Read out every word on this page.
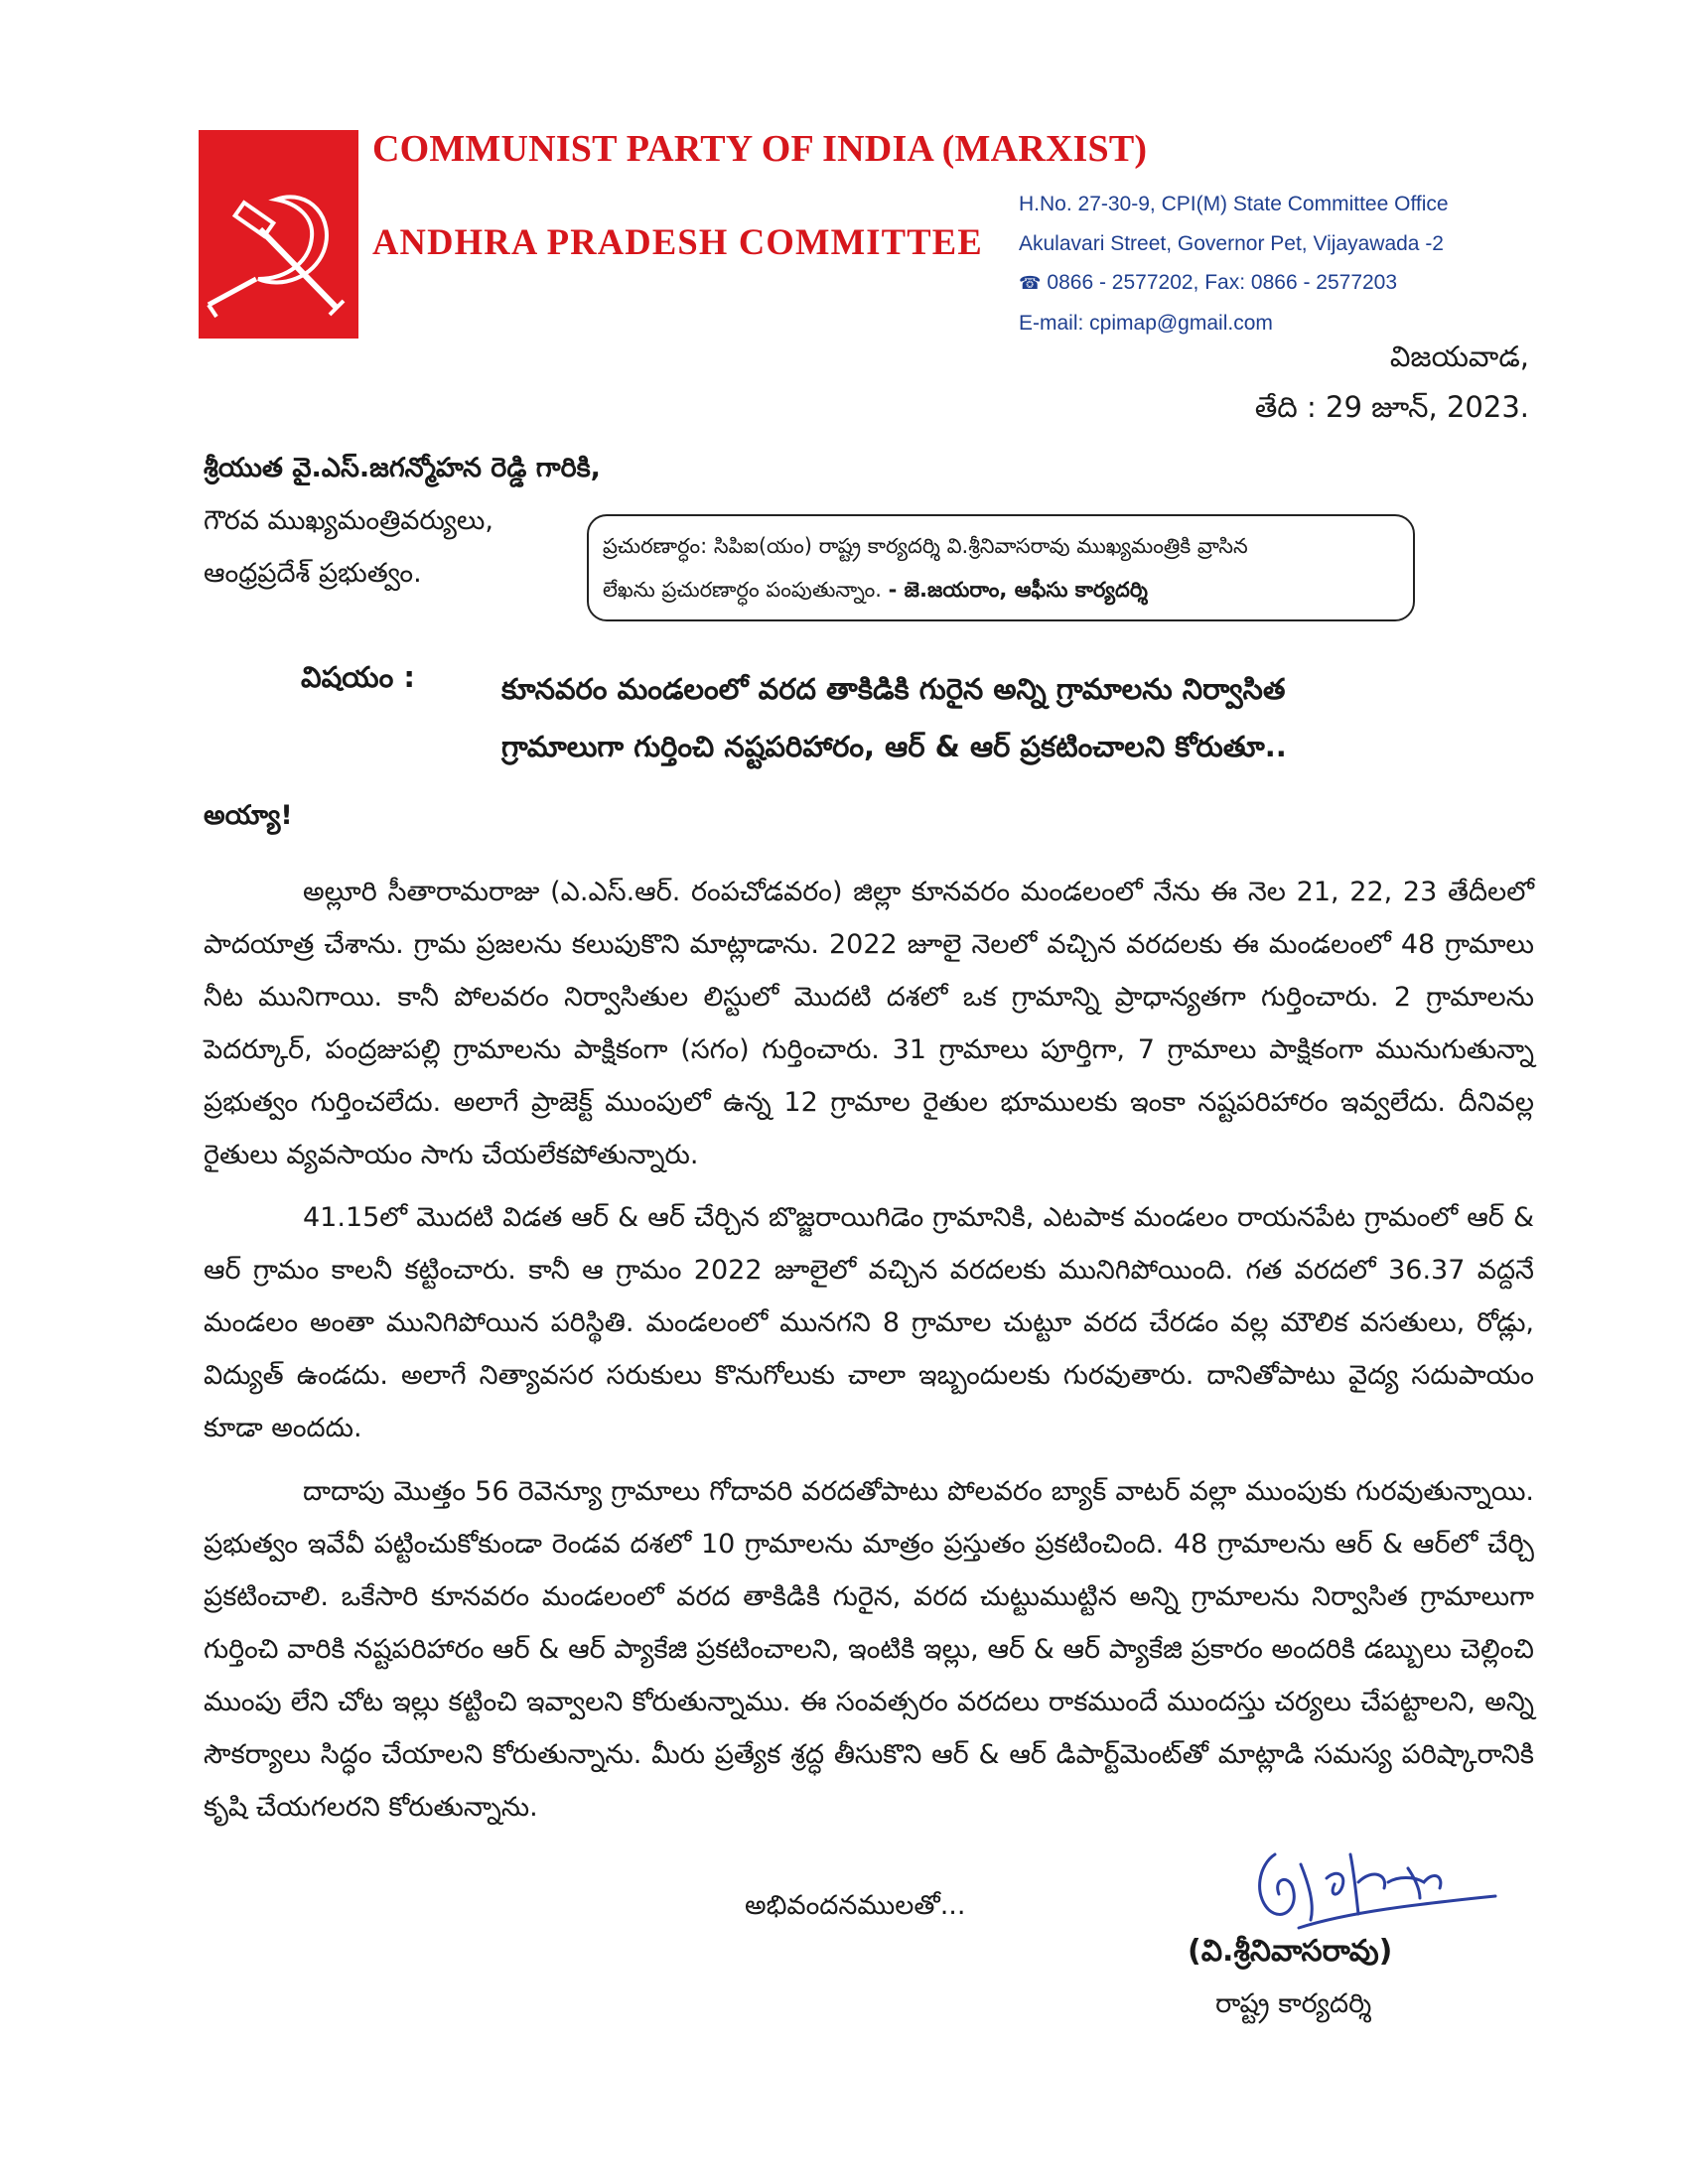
COMMUNIST PARTY OF INDIA (MARXIST)
ANDHRA PRADESH COMMITTEE
H.No. 27-30-9, CPI(M) State Committee Office
Akulavari Street, Governor Pet, Vijayawada -2
☎ 0866 - 2577202, Fax: 0866 - 2577203
E-mail: cpimap@gmail.com
విజయవాడ,
తేది : 29 జూన్, 2023.
శ్రీయుత వై.ఎస్.జగన్మోహన రెడ్డి గారికి,
గౌరవ ముఖ్యమంత్రివర్యులు,
ఆంధ్రప్రదేశ్ ప్రభుత్వం.
ప్రచురణార్ధం: సిపిఐ(యం) రాష్ట్ర కార్యదర్శి వి.శ్రీనివాసరావు ముఖ్యమంత్రికి వ్రాసిన
లేఖను ప్రచురణార్ధం పంపుతున్నాం. - జె.జయరాం, ఆఫీసు కార్యదర్శి
విషయం :	కూనవరం మండలంలో వరద తాకిడికి గురైన అన్ని గ్రామాలను నిర్వాసిత
గ్రామాలుగా గుర్తించి నష్టపరిహారం, ఆర్ & ఆర్ ప్రకటించాలని కోరుతూ..
అయ్యా!

అల్లూరి సీతారామరాజు (ఎ.ఎస్.ఆర్. రంపచోడవరం) జిల్లా కూనవరం మండలంలో నేను ఈ నెల 21, 22, 23 తేదీలలో పాదయాత్ర చేశాను. గ్రామ ప్రజలను కలుపుకొని మాట్లాడాను. 2022 జూలై నెలలో వచ్చిన వరదలకు ఈ మండలంలో 48 గ్రామాలు నీట మునిగాయి. కానీ పోలవరం నిర్వాసితుల లిస్టులో మొదటి దశలో ఒక గ్రామాన్ని ప్రాధాన్యతగా గుర్తించారు. 2 గ్రామాలను పెదర్కూర్, పంద్రజుపల్లి గ్రామాలను పాక్షికంగా (సగం) గుర్తించారు. 31 గ్రామాలు పూర్తిగా, 7 గ్రామాలు పాక్షికంగా మునుగుతున్నా ప్రభుత్వం గుర్తించలేదు. అలాగే ప్రాజెక్ట్ ముంపులో ఉన్న 12 గ్రామాల రైతుల భూములకు ఇంకా నష్టపరిహారం ఇవ్వలేదు. దీనివల్ల రైతులు వ్యవసాయం సాగు చేయలేకపోతున్నారు.

41.15లో మొదటి విడత ఆర్ & ఆర్ చేర్చిన బొజ్జరాయిగిడెం గ్రామానికి, ఎటపాక మండలం రాయనపేట గ్రామంలో ఆర్ & ఆర్ గ్రామం కాలనీ కట్టించారు. కానీ ఆ గ్రామం 2022 జూలైలో వచ్చిన వరదలకు మునిగిపోయింది. గత వరదలో 36.37 వద్దనే మండలం అంతా మునిగిపోయిన పరిస్థితి. మండలంలో మునగని 8 గ్రామాల చుట్టూ వరద చేరడం వల్ల మౌలిక వసతులు, రోడ్లు, విద్యుత్ ఉండదు. అలాగే నిత్యావసర సరుకులు కొనుగోలుకు చాలా ఇబ్బందులకు గురవుతారు. దానితోపాటు వైద్య సదుపాయం కూడా అందదు.

దాదాపు మొత్తం 56 రెవెన్యూ గ్రామాలు గోదావరి వరదతోపాటు పోలవరం బ్యాక్ వాటర్ వల్లా ముంపుకు గురవుతున్నాయి. ప్రభుత్వం ఇవేవీ పట్టించుకోకుండా రెండవ దశలో 10 గ్రామాలను మాత్రం ప్రస్తుతం ప్రకటించింది. 48 గ్రామాలను ఆర్ & ఆర్‌లో చేర్చి ప్రకటించాలి. ఒకేసారి కూనవరం మండలంలో వరద తాకిడికి గురైన, వరద చుట్టుముట్టిన అన్ని గ్రామాలను నిర్వాసిత గ్రామాలుగా గుర్తించి వారికి నష్టపరిహారం ఆర్ & ఆర్ ప్యాకేజి ప్రకటించాలని, ఇంటికి ఇల్లు, ఆర్ & ఆర్ ప్యాకేజి ప్రకారం అందరికి డబ్బులు చెల్లించి ముంపు లేని చోట ఇల్లు కట్టించి ఇవ్వాలని కోరుతున్నాము. ఈ సంవత్సరం వరదలు రాకముందే ముందస్తు చర్యలు చేపట్టాలని, అన్ని సౌకర్యాలు సిద్ధం చేయాలని కోరుతున్నాను. మీరు ప్రత్యేక శ్రద్ధ తీసుకొని ఆర్ & ఆర్ డిపార్ట్‌మెంట్‌తో మాట్లాడి సమస్య పరిష్కారానికి కృషి చేయగలరని కోరుతున్నాను.

అభివందనములతో...
(వి.శ్రీనివాసరావు)
రాష్ట్ర కార్యదర్శి
